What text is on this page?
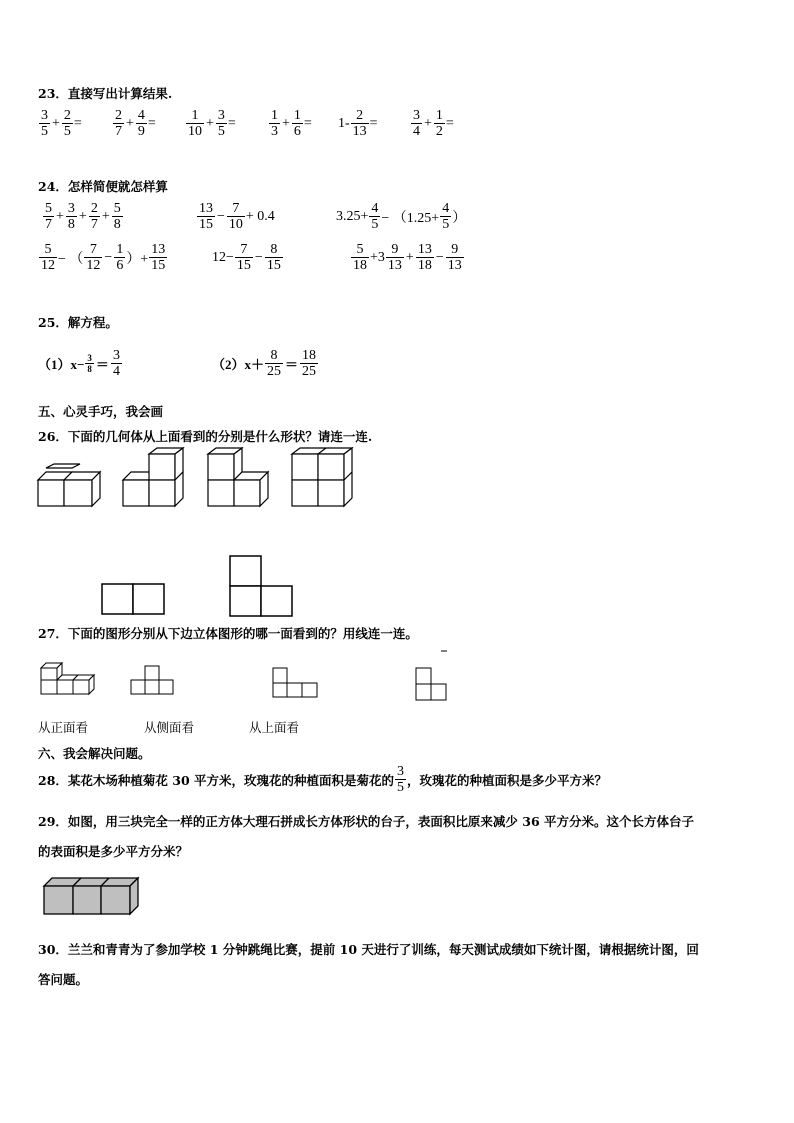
23．直接写出计算结果.
$\frac{3}{5} + \frac{2}{5} = \frac{2}{7} + \frac{4}{9} = \frac{1}{10} + \frac{3}{5} = \frac{1}{3} + \frac{1}{6} = 1- \frac{2}{13} = \frac{3}{4} + \frac{1}{2}$ =
24．怎样简便就怎样算
$\frac{5}{7} + \frac{3}{8} + \frac{2}{7} + \frac{5}{8}$	$\frac{13}{15} - \frac{7}{10} + 0.4$	$3.25+ \frac{4}{5} - (1.25+ \frac{4}{5}$ ）
$\frac{5}{12}$ − （ $\frac{7}{12} - \frac{1}{6}$ ）+ $\frac{13}{15}$	$12- \frac{7}{15} - \frac{8}{15}$	$\frac{5}{18} +3 \frac{9}{13} + \frac{13}{18} - \frac{9}{13}$
25．解方程。
$(1)x- \frac{3}{8} = \frac{3}{4}$	$(2)x+ \frac{8}{25} = \frac{18}{25}$
五、心灵手巧，我会画
26．下面的几何体从上面看到的分别是什么形状？请连一连.
27．下面的图形分别从下边立体图形的哪一面看到的？用线连一连。
从正面看	从侧面看	从上面看
六、我会解决问题。
28．某花木场种植菊花 30 平方米，玫瑰花的种植面积是菊花的 $\frac{3}{5}$ ，玫瑰花的种植面积是多少平方米？
29．如图，用三块完全一样的正方体大理石拼成长方体形状的台子，表面积比原来减少 36 平方分米。这个长方体台子
的表面积是多少平方分米？
30．兰兰和青青为了参加学校 1 分钟跳绳比赛，提前 10 天进行了训练，每天测试成绩如下统计图，请根据统计图，回
答问题。
